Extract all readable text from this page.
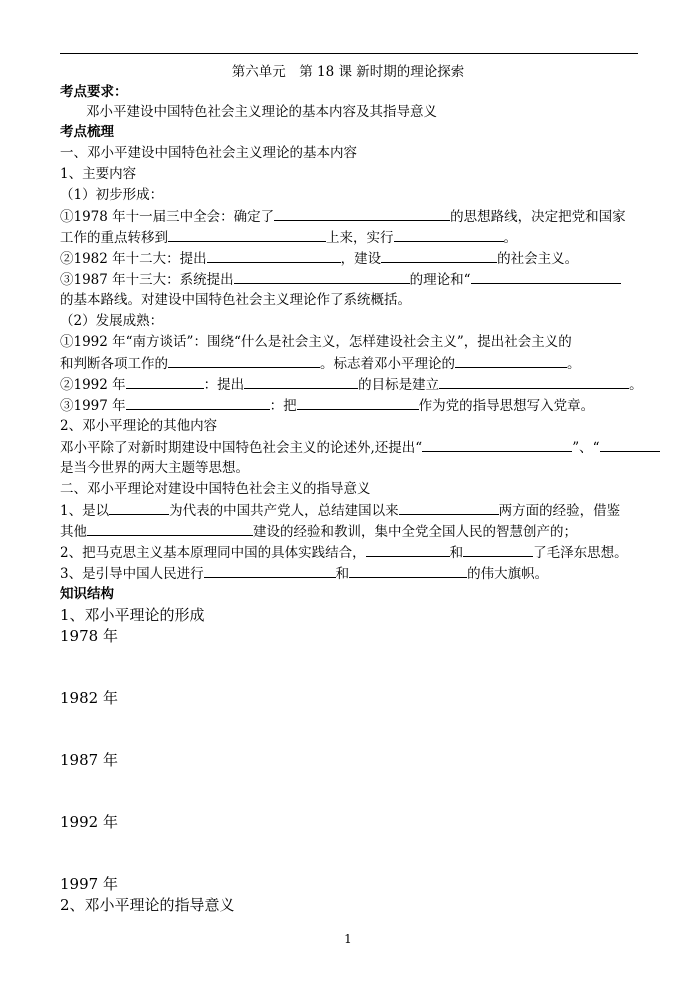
第六单元　第 18 课 新时期的理论探索
考点要求：
邓小平建设中国特色社会主义理论的基本内容及其指导意义
考点梳理
一、邓小平建设中国特色社会主义理论的基本内容
1、主要内容
（1）初步形成：
①1978 年十一届三中全会：确定了	的思想路线，决定把党和国家
工作的重点转移到	上来，实行	。
②1982 年十二大：提出	，建设	的社会主义。
③1987 年十三大：系统提出	的理论和“
的基本路线。对建设中国特色社会主义理论作了系统概括。
（2）发展成熟：
①1992 年“南方谈话”：围绕“什么是社会主义，怎样建设社会主义”，提出社会主义的
和判断各项工作的	。标志着邓小平理论的	。
②1992 年	：提出	的目标是建立	。
③1997 年	：把	作为党的指导思想写入党章。
2、邓小平理论的其他内容
邓小平除了对新时期建设中国特色社会主义的论述外,还提出“	”、“
是当今世界的两大主题等思想。
二、邓小平理论对建设中国特色社会主义的指导意义
1、是以	为代表的中国共产党人，总结建国以来	两方面的经验，借鉴
其他	建设的经验和教训，集中全党全国人民的智慧创产的；
2、把马克思主义基本原理同中国的具体实践结合，	和	了毛泽东思想。
3、是引导中国人民进行	和	的伟大旗帜。
知识结构
1、邓小平理论的形成
1978 年
1982 年
1987 年
1992 年
1997 年
2、邓小平理论的指导意义
1
